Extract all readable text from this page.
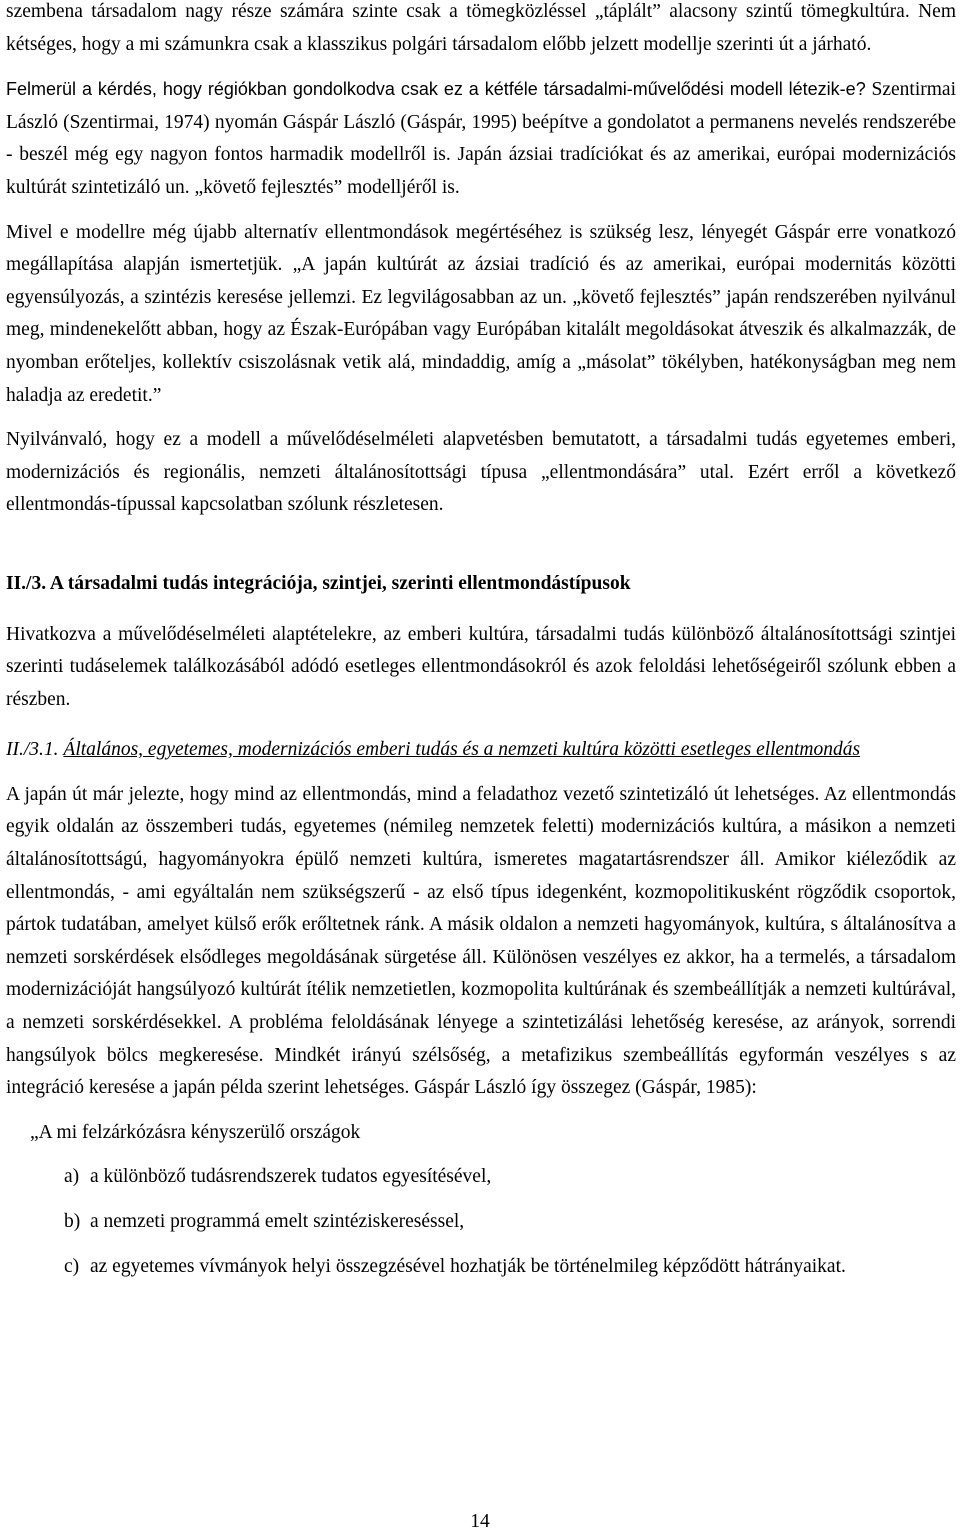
szembena társadalom nagy része számára szinte csak a tömegközléssel „táplált” alacsony szintű tömegkultúra. Nem kétséges, hogy a mi számunkra csak a klasszikus polgári társadalom előbb jelzett modellje szerinti út a járható.

Felmerül a kérdés, hogy régiókban gondolkodva csak ez a kétféle társadalmi-művelődési modell létezik-e? Szentirmai László (Szentirmai, 1974) nyomán Gáspár László (Gáspár, 1995) beépítve a gondolatot a permanens nevelés rendszerébe - beszél még egy nagyon fontos harmadik modellről is. Japán ázsiai tradíciókat és az amerikai, európai modernizációs kultúrát szintetizáló un. „követő fejlesztés” modelljéről is.

Mivel e modellre még újabb alternatív ellentmondások megértéséhez is szükség lesz, lényegét Gáspár erre vonatkozó megállapítása alapján ismertetjük. „A japán kultúrát az ázsiai tradíció és az amerikai, európai modernitás közötti egyensúlyozás, a szintézis keresése jellemzi. Ez legvilágosabban az un. „követő fejlesztés” japán rendszerében nyilvánul meg, mindenekelőtt abban, hogy az Észak-Európában vagy Európában kitalált megoldásokat átveszik és alkalmazzák, de nyomban erőteljes, kollektív csiszolásnak vetik alá, mindaddig, amíg a „másolat” tökélyben, hatékonyságban meg nem haladja az eredetit.”

Nyilvánvaló, hogy ez a modell a művelődéselméleti alapvetésben bemutatott, a társadalmi tudás egyetemes emberi, modernizációs és regionális, nemzeti általánosítottsági típusa „ellentmondására” utal. Ezért erről a következő ellentmondás-típussal kapcsolatban szólunk részletesen.

II./3. A társadalmi tudás integrációja, szintjei, szerinti ellentmondástípusok

Hivatkozva a művelődéselméleti alaptételekre, az emberi kultúra, társadalmi tudás különböző általánosítottsági szintjei szerinti tudáselemek találkozásából adódó esetleges ellentmondásokról és azok feloldási lehetőségeiről szólunk ebben a részben.

II./3.1. Általános, egyetemes, modernizációs emberi tudás és a nemzeti kultúra közötti esetleges ellentmondás

A japán út már jelezte, hogy mind az ellentmondás, mind a feladathoz vezető szintetizáló út lehetséges. Az ellentmondás egyik oldalán az összemberi tudás, egyetemes (némileg nemzetek feletti) modernizációs kultúra, a másikon a nemzeti általánosítottságú, hagyományokra épülő nemzeti kultúra, ismeretes magatartásrendszer áll. Amikor kiéleződik az ellentmondás, - ami egyáltalán nem szükségszerű - az első típus idegenként, kozmopolitikusként rögződik csoportok, pártok tudatában, amelyet külső erők erőltetnek ránk. A másik oldalon a nemzeti hagyományok, kultúra, s általánosítva a nemzeti sorskérdések elsődleges megoldásának sürgetése áll. Különösen veszélyes ez akkor, ha a termelés, a társadalom modernizációját hangsúlyozó kultúrát ítélik nemzetietlen, kozmopolita kultúrának és szembeállítják a nemzeti kultúrával, a nemzeti sorskérdésekkel. A probléma feloldásának lényege a szintetizálási lehetőség keresése, az arányok, sorrendi hangsúlyok bölcs megkeresése. Mindkét irányú szélsőség, a metafizikus szembeállítás egyformán veszélyes s az integráció keresése a japán példa szerint lehetséges. Gáspár László így összegez (Gáspár, 1985):

„A mi felzárkózásra kényszerülő országok

a) a különböző tudásrendszerek tudatos egyesítésével,

b) a nemzeti programmá emelt szintéziskereséssel,

c) az egyetemes vívmányok helyi összegzésével hozhatják be történelmileg képződött hátrányaikat.

14
